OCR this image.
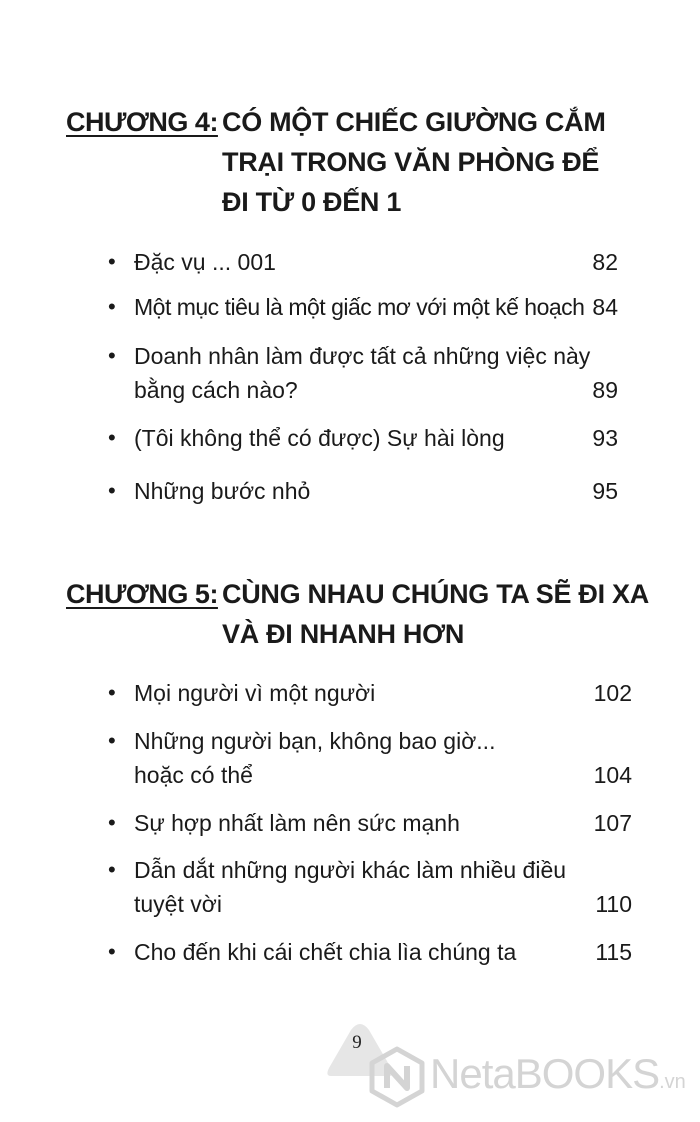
CHƯƠNG 4: CÓ MỘT CHIẾC GIƯỜNG CẮM
TRẠI TRONG VĂN PHÒNG ĐỂ
ĐI TỪ 0 ĐẾN 1
• Đặc vụ ... 001	82
• Một mục tiêu là một giấc mơ với một kế hoạch 84
• Doanh nhân làm được tất cả những việc này
bằng cách nào?	89
• (Tôi không thể có được) Sự hài lòng	93
• Những bước nhỏ	95
CHƯƠNG 5: CÙNG NHAU CHÚNG TA SẼ ĐI XA
VÀ ĐI NHANH HƠN
• Mọi người vì một người	102
• Những người bạn, không bao giờ...
hoặc có thể	104
• Sự hợp nhất làm nên sức mạnh	107
• Dẫn dắt những người khác làm nhiều điều
tuyệt vời	110
• Cho đến khi cái chết chia lìa chúng ta	115
9
NetaBOOKS.vn
